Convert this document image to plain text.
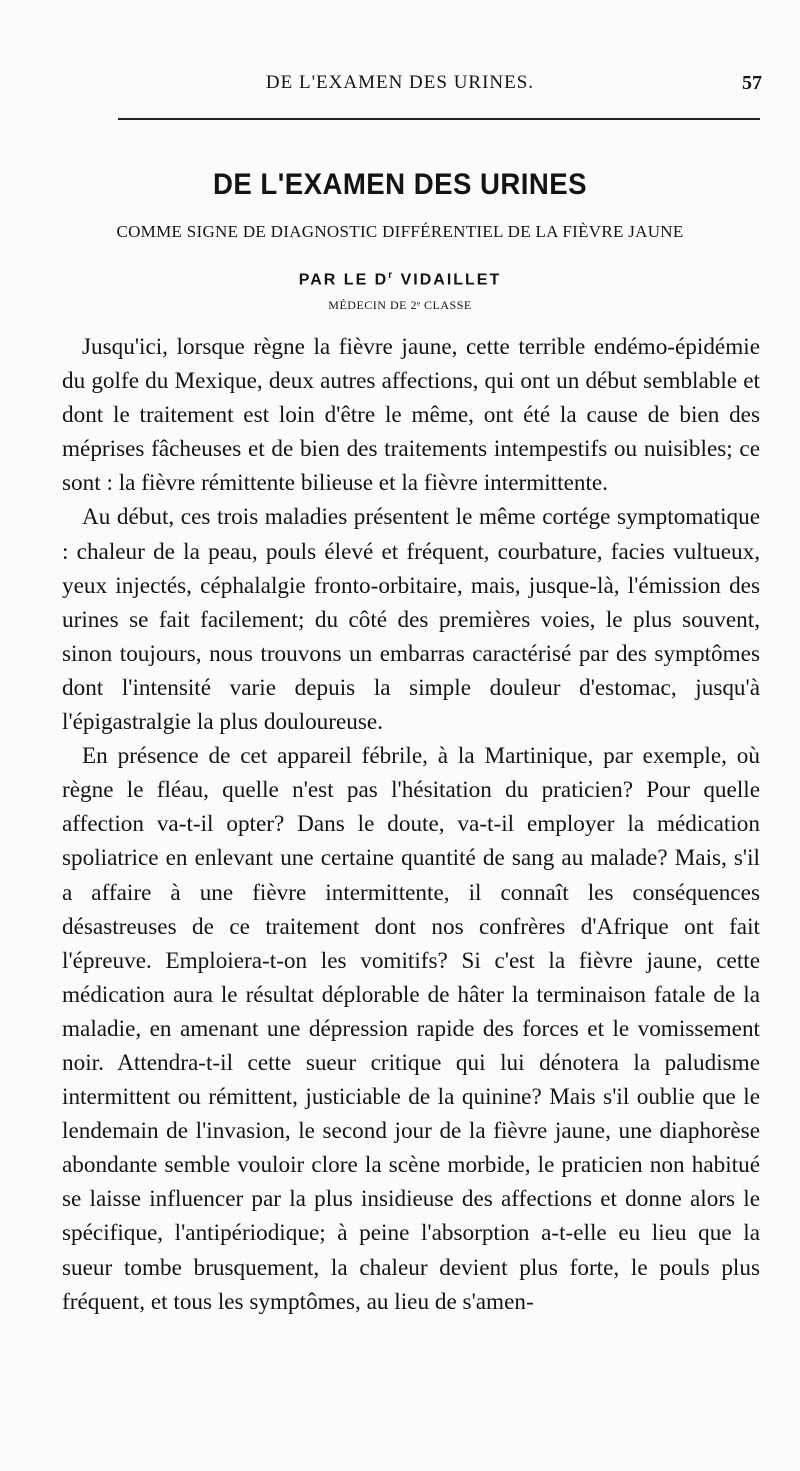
DE L'EXAMEN DES URINES.	57
DE L'EXAMEN DES URINES
COMME SIGNE DE DIAGNOSTIC DIFFÉRENTIEL DE LA FIÈVRE JAUNE
PAR LE $D^r$ VIDAILLET
MÉDECIN DE 2ᵉ CLASSE

Jusqu'ici, lorsque règne la fièvre jaune, cette terrible endémo-épidémie du golfe du Mexique, deux autres affections, qui ont un début semblable et dont le traitement est loin d'être le même, ont été la cause de bien des méprises fâcheuses et de bien des traitements intempestifs ou nuisibles; ce sont : la fièvre rémittente bilieuse et la fièvre intermittente.

Au début, ces trois maladies présentent le même cortége symptomatique : chaleur de la peau, pouls élevé et fréquent, courbature, facies vultueux, yeux injectés, céphalalgie fronto-orbitaire, mais, jusque-là, l'émission des urines se fait facilement; du côté des premières voies, le plus souvent, sinon toujours, nous trouvons un embarras caractérisé par des symptômes dont l'intensité varie depuis la simple douleur d'estomac, jusqu'à l'épigastralgie la plus douloureuse.

En présence de cet appareil fébrile, à la Martinique, par exemple, où règne le fléau, quelle n'est pas l'hésitation du praticien? Pour quelle affection va-t-il opter? Dans le doute, va-t-il employer la médication spoliatrice en enlevant une certaine quantité de sang au malade? Mais, s'il a affaire à une fièvre intermittente, il connaît les conséquences désastreuses de ce traitement dont nos confrères d'Afrique ont fait l'épreuve. Emploiera-t-on les vomitifs? Si c'est la fièvre jaune, cette médication aura le résultat déplorable de hâter la terminaison fatale de la maladie, en amenant une dépression rapide des forces et le vomissement noir. Attendra-t-il cette sueur critique qui lui dénotera la paludisme intermittent ou rémittent, justiciable de la quinine? Mais s'il oublie que le lendemain de l'invasion, le second jour de la fièvre jaune, une diaphorèse abondante semble vouloir clore la scène morbide, le praticien non habitué se laisse influencer par la plus insidieuse des affections et donne alors le spécifique, l'antipériodique; à peine l'absorption a-t-elle eu lieu que la sueur tombe brusquement, la chaleur devient plus forte, le pouls plus fréquent, et tous les symptômes, au lieu de s'amen-
